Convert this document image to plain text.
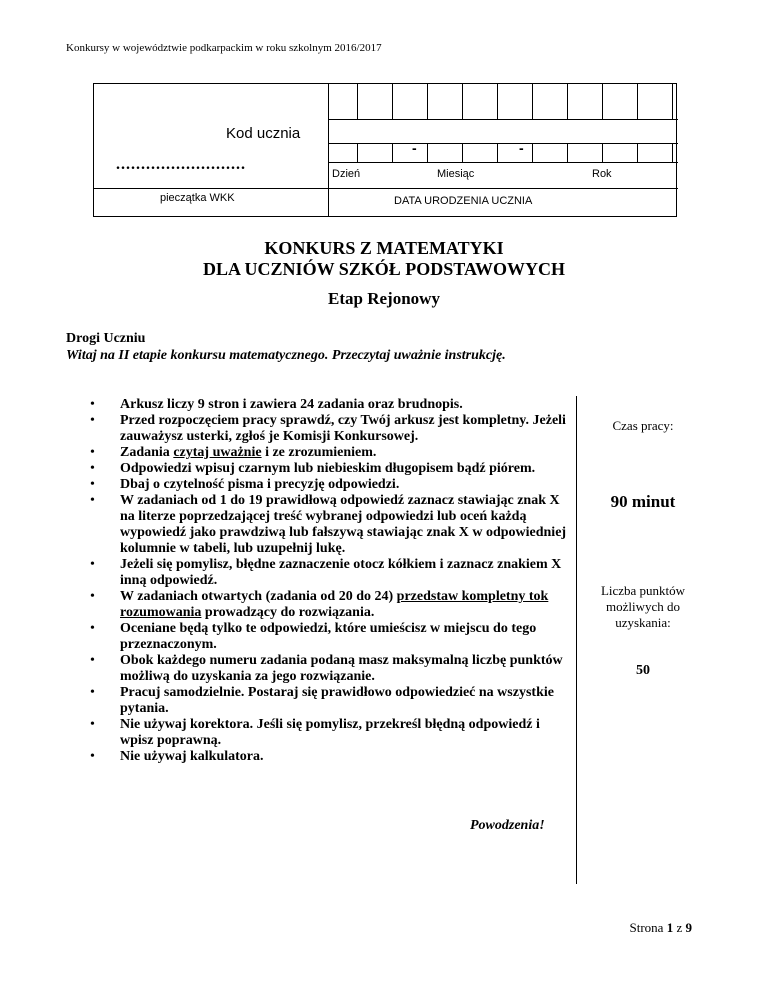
Konkursy w województwie podkarpackim w roku szkolnym 2016/2017
Kod ucznia
-	-
Dzień	Miesiąc	Rok
DATA URODZENIA UCZNIA
..........................
pieczątka WKK
KONKURS Z MATEMATYKI
DLA UCZNIÓW SZKÓŁ PODSTAWOWYCH
Etap Rejonowy
Drogi Uczniu
Witaj na II etapie konkursu matematycznego. Przeczytaj uważnie instrukcję.
• Arkusz liczy 9 stron i zawiera 24 zadania oraz brudnopis.
• Przed rozpoczęciem pracy sprawdź, czy Twój arkusz jest kompletny. Jeżeli zauważysz usterki, zgłoś je Komisji Konkursowej.
• Zadania czytaj uważnie i ze zrozumieniem.
• Odpowiedzi wpisuj czarnym lub niebieskim długopisem bądź piórem.
• Dbaj o czytelność pisma i precyzję odpowiedzi.
• W zadaniach od 1 do 19 prawidłową odpowiedź zaznacz stawiając znak X na literze poprzedzającej treść wybranej odpowiedzi lub oceń każdą wypowiedź jako prawdziwą lub fałszywą stawiając znak X w odpowiedniej kolumnie w tabeli, lub uzupełnij lukę.
• Jeżeli się pomylisz, błędne zaznaczenie otocz kółkiem i zaznacz znakiem X inną odpowiedź.
• W zadaniach otwartych (zadania od 20 do 24) przedstaw kompletny tok rozumowania prowadzący do rozwiązania.
• Oceniane będą tylko te odpowiedzi, które umieścisz w miejscu do tego przeznaczonym.
• Obok każdego numeru zadania podaną masz maksymalną liczbę punktów możliwą do uzyskania za jego rozwiązanie.
• Pracuj samodzielnie. Postaraj się prawidłowo odpowiedzieć na wszystkie pytania.
• Nie używaj korektora. Jeśli się pomylisz, przekreśl błędną odpowiedź i wpisz poprawną.
• Nie używaj kalkulatora.
Powodzenia!
Czas pracy:
90 minut
Liczba punktów możliwych do uzyskania:
50
Strona 1 z 9
